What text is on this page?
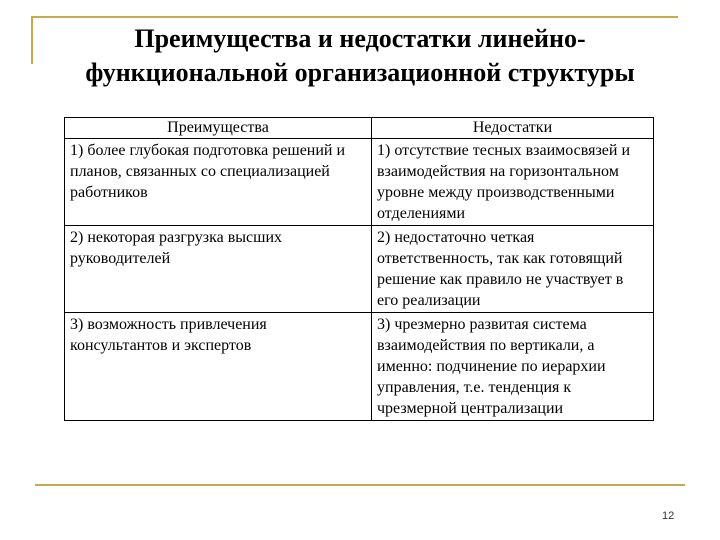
Преимущества и недостатки линейно-
функциональной организационной структуры
Преимущества	Недостатки
1) более глубокая подготовка решений и планов, связанных со специализацией работников	1) отсутствие тесных взаимосвязей и взаимодействия на горизонтальном уровне между производственными отделениями
2) некоторая разгрузка высших руководителей	2) недостаточно четкая ответственность, так как готовящий решение как правило не участвует в его реализации
3) возможность привлечения консультантов и экспертов	3) чрезмерно развитая система взаимодействия по вертикали, а именно: подчинение по иерархии управления, т.е. тенденция к чрезмерной централизации
12
